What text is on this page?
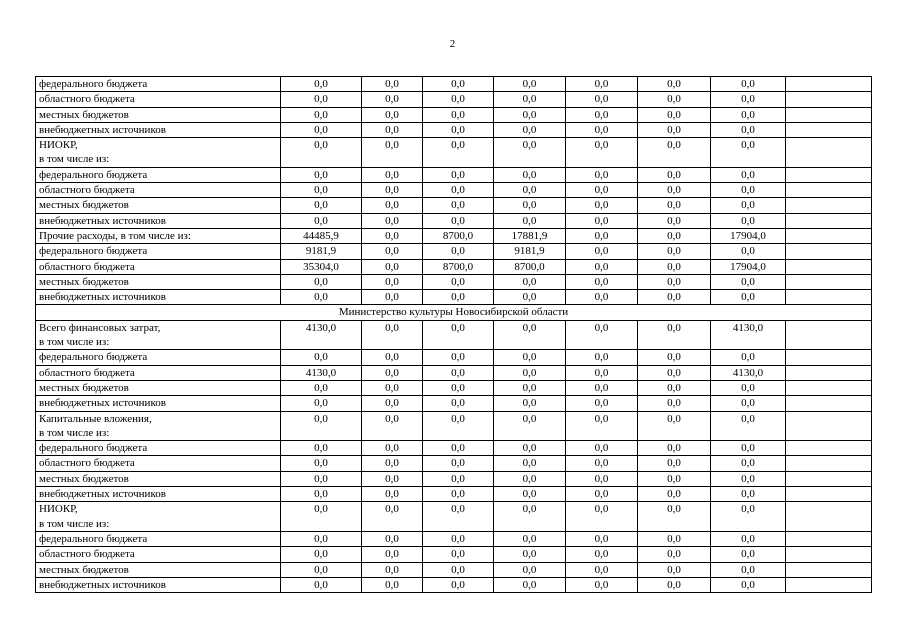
2
федерального бюджета	0,0	0,0	0,0	0,0	0,0	0,0	0,0	

областного бюджета	0,0	0,0	0,0	0,0	0,0	0,0	0,0	

местных бюджетов	0,0	0,0	0,0	0,0	0,0	0,0	0,0	

внебюджетных источников	0,0	0,0	0,0	0,0	0,0	0,0	0,0	

НИОКР,
в том числе из:	0,0	0,0	0,0	0,0	0,0	0,0	0,0	

федерального бюджета	0,0	0,0	0,0	0,0	0,0	0,0	0,0	

областного бюджета	0,0	0,0	0,0	0,0	0,0	0,0	0,0	

местных бюджетов	0,0	0,0	0,0	0,0	0,0	0,0	0,0	

внебюджетных источников	0,0	0,0	0,0	0,0	0,0	0,0	0,0	

Прочие расходы, в том числе из:	44485,9	0,0	8700,0	17881,9	0,0	0,0	17904,0	

федерального бюджета	9181,9	0,0	0,0	9181,9	0,0	0,0	0,0	

областного бюджета	35304,0	0,0	8700,0	8700,0	0,0	0,0	17904,0	

местных бюджетов	0,0	0,0	0,0	0,0	0,0	0,0	0,0	

внебюджетных источников	0,0	0,0	0,0	0,0	0,0	0,0	0,0	
Министерство культуры Новосибирской области								

Всего финансовых затрат,
в том числе из:	4130,0	0,0	0,0	0,0	0,0	0,0	4130,0	

федерального бюджета	0,0	0,0	0,0	0,0	0,0	0,0	0,0	

областного бюджета	4130,0	0,0	0,0	0,0	0,0	0,0	4130,0	

местных бюджетов	0,0	0,0	0,0	0,0	0,0	0,0	0,0	

внебюджетных источников	0,0	0,0	0,0	0,0	0,0	0,0	0,0	

Капитальные вложения,
в том числе из:	0,0	0,0	0,0	0,0	0,0	0,0	0,0	

федерального бюджета	0,0	0,0	0,0	0,0	0,0	0,0	0,0	

областного бюджета	0,0	0,0	0,0	0,0	0,0	0,0	0,0	

местных бюджетов	0,0	0,0	0,0	0,0	0,0	0,0	0,0	

внебюджетных источников	0,0	0,0	0,0	0,0	0,0	0,0	0,0	

НИОКР,
в том числе из:	0,0	0,0	0,0	0,0	0,0	0,0	0,0	

федерального бюджета	0,0	0,0	0,0	0,0	0,0	0,0	0,0	

областного бюджета	0,0	0,0	0,0	0,0	0,0	0,0	0,0	

местных бюджетов	0,0	0,0	0,0	0,0	0,0	0,0	0,0	

внебюджетных источников	0,0	0,0	0,0	0,0	0,0	0,0	0,0	
